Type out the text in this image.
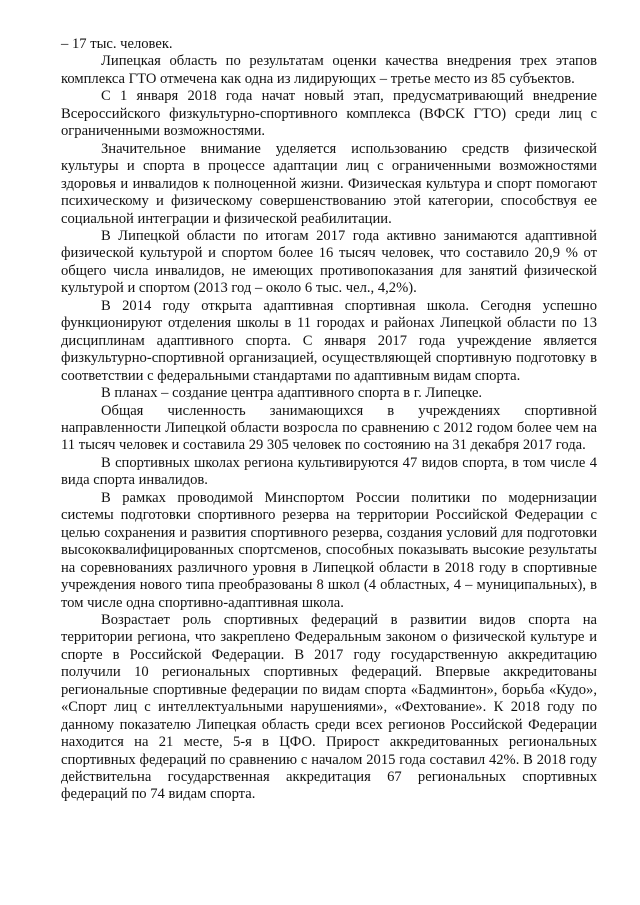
– 17 тыс. человек.

Липецкая область по результатам оценки качества внедрения трех этапов комплекса ГТО отмечена как одна из лидирующих – третье место из 85 субъектов.

С 1 января 2018 года начат новый этап, предусматривающий внедрение Всероссийского физкультурно-спортивного комплекса (ВФСК ГТО) среди лиц с ограниченными возможностями.

Значительное внимание уделяется использованию средств физической культуры и спорта в процессе адаптации лиц с ограниченными возможностями здоровья и инвалидов к полноценной жизни. Физическая культура и спорт помогают психическому и физическому совершенствованию этой категории, способствуя ее социальной интеграции и физической реабилитации.

В Липецкой области по итогам 2017 года активно занимаются адаптивной физической культурой и спортом более 16 тысяч человек, что составило 20,9 % от общего числа инвалидов, не имеющих противопоказания для занятий физической культурой и спортом (2013 год – около 6 тыс. чел., 4,2%).

В 2014 году открыта адаптивная спортивная школа. Сегодня успешно функционируют отделения школы в 11 городах и районах Липецкой области по 13 дисциплинам адаптивного спорта. С января 2017 года учреждение является физкультурно-спортивной организацией, осуществляющей спортивную подготовку в соответствии с федеральными стандартами по адаптивным видам спорта.

В планах – создание центра адаптивного спорта в г. Липецке.

Общая численность занимающихся в учреждениях спортивной направленности Липецкой области возросла по сравнению с 2012 годом более чем на 11 тысяч человек и составила 29 305 человек по состоянию на 31 декабря 2017 года.

В спортивных школах региона культивируются 47 видов спорта, в том числе 4 вида спорта инвалидов.

В рамках проводимой Минспортом России политики по модернизации системы подготовки спортивного резерва на территории Российской Федерации с целью сохранения и развития спортивного резерва, создания условий для подготовки высококвалифицированных спортсменов, способных показывать высокие результаты на соревнованиях различного уровня в Липецкой области в 2018 году в спортивные учреждения нового типа преобразованы 8 школ (4 областных, 4 – муниципальных), в том числе одна спортивно-адаптивная школа.

Возрастает роль спортивных федераций в развитии видов спорта на территории региона, что закреплено Федеральным законом о физической культуре и спорте в Российской Федерации. В 2017 году государственную аккредитацию получили 10 региональных спортивных федераций. Впервые аккредитованы региональные спортивные федерации по видам спорта «Бадминтон», борьба «Кудо», «Спорт лиц с интеллектуальными нарушениями», «Фехтование». К 2018 году по данному показателю Липецкая область среди всех регионов Российской Федерации находится на 21 месте, 5-я в ЦФО. Прирост аккредитованных региональных спортивных федераций по сравнению с началом 2015 года составил 42%. В 2018 году действительна государственная аккредитация 67 региональных спортивных федераций по 74 видам спорта.
